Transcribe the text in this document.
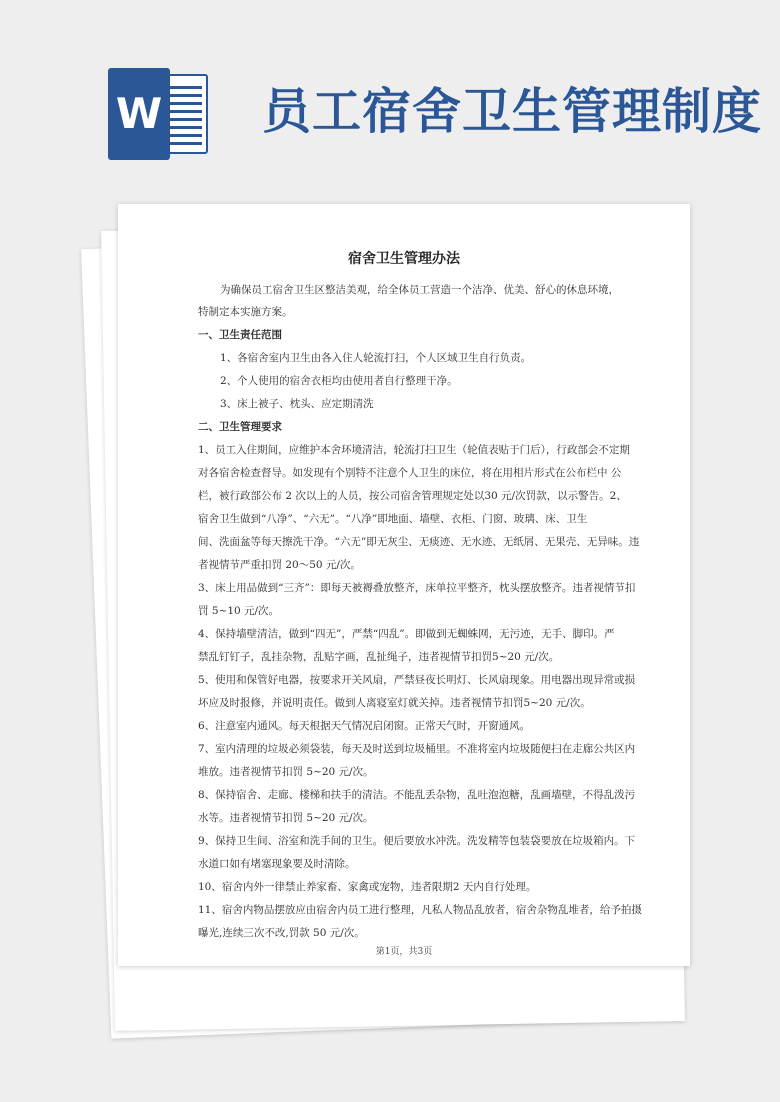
W 员工宿舍卫生管理制度
宿舍卫生管理办法
为确保员工宿舍卫生区整洁美观，给全体员工营造一个洁净、优美、舒心的休息环境，
特制定本实施方案。
一、卫生责任范围
1、各宿舍室内卫生由各入住人轮流打扫，个人区域卫生自行负责。
2、个人使用的宿舍衣柜均由使用者自行整理干净。
3、床上被子、枕头、应定期清洗
二、卫生管理要求
1、员工入住期间，应维护本舍环境清洁，轮流打扫卫生（轮值表贴于门后），行政部会不定期
对各宿舍检查督导。如发现有个别特不注意个人卫生的床位，将在用相片形式在公布栏中 公
栏，被行政部公布 2 次以上的人员，按公司宿舍管理规定处以30 元/次罚款，以示警告。2、
宿舍卫生做到“八净”、“六无”。“八净”即地面、墙壁、衣柜、门窗、玻璃、床、卫生
间、洗面盆等每天擦洗干净。“六无”即无灰尘、无痰迹、无水迹、无纸屑、无果壳、无异味。违
者视情节严重扣罚 20～50 元/次。
3、床上用品做到“三齐”：即每天被褥叠放整齐，床单拉平整齐，枕头摆放整齐。违者视情节扣
罚 5~10 元/次。
4、保持墙壁清洁，做到“四无”，严禁“四乱”。即做到无蜘蛛网，无污迹，无手、脚印。严
禁乱钉钉子，乱挂杂物，乱贴字画，乱扯绳子，违者视情节扣罚5~20 元/次。
5、使用和保管好电器，按要求开关风扇，严禁昼夜长明灯、长风扇现象。用电器出现异常或损
坏应及时报修，并说明责任。做到人离寝室灯就关掉。违者视情节扣罚5~20 元/次。
6、注意室内通风。每天根据天气情况启闭窗。正常天气时，开窗通风。
7、室内清理的垃圾必须袋装，每天及时送到垃圾桶里。不准将室内垃圾随便扫在走廊公共区内
堆放。违者视情节扣罚 5~20 元/次。
8、保持宿舍、走廊、楼梯和扶手的清洁。不能乱丢杂物，乱吐泡泡糖，乱画墙壁，不得乱泼污
水等。违者视情节扣罚 5~20 元/次。
9、保持卫生间、浴室和洗手间的卫生。便后要放水冲洗。洗发精等包装袋要放在垃圾箱内。下
水道口如有堵塞现象要及时清除。
10、宿舍内外一律禁止养家畜、家禽或宠物，违者限期2 天内自行处理。
11、宿舍内物品摆放应由宿舍内员工进行整理，凡私人物品乱放者，宿舍杂物乱堆者，给予拍摄
曝光,连续三次不改,罚款 50 元/次。
第1页，共3页
